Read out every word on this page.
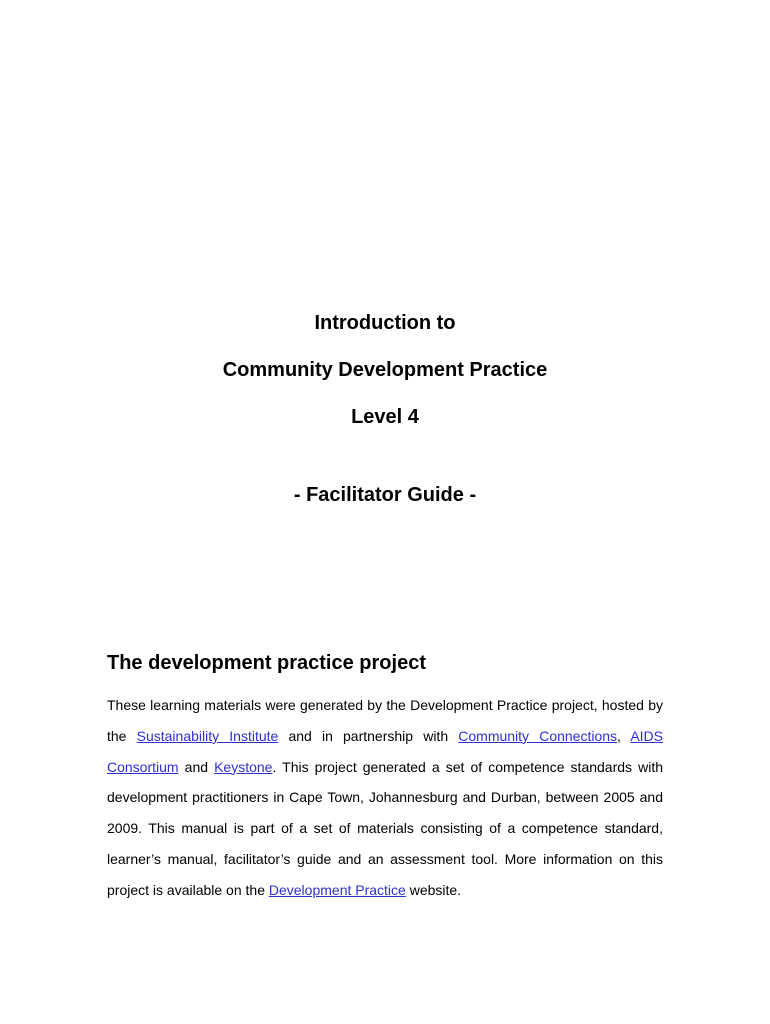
Introduction to

Community Development Practice

Level 4

- Facilitator Guide -

The development practice project

These learning materials were generated by the Development Practice project, hosted by the Sustainability Institute and in partnership with Community Connections, AIDS Consortium and Keystone. This project generated a set of competence standards with development practitioners in Cape Town, Johannesburg and Durban, between 2005 and 2009. This manual is part of a set of materials consisting of a competence standard, learner’s manual, facilitator’s guide and an assessment tool. More information on this project is available on the Development Practice website.
